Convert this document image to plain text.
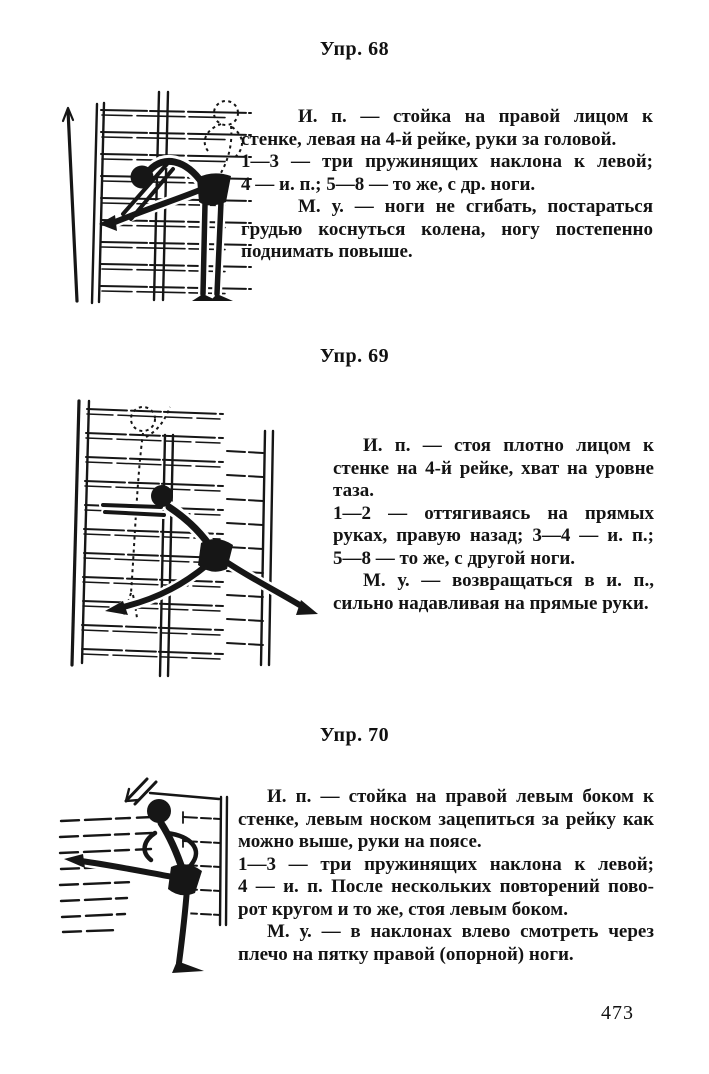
Упр. 68
И. п. — стойка на правой лицом к
стенке, левая на 4-й рейке, руки за головой.
1—3 — три пружинящих наклона к левой;
4 — и. п.; 5—8 — то же, с др. ноги.
М. у. — ноги не сгибать, постараться
грудью коснуться колена, ногу постепенно
поднимать повыше.
Упр. 69
И. п. — стоя плотно лицом к
стенке на 4-й рейке, хват на уровне
таза.
1—2 — оттягиваясь на прямых
руках, правую назад; 3—4 — и. п.;
5—8 — то же, с другой ноги.
М. у. — возвращаться в и. п.,
сильно надавливая на прямые руки.
Упр. 70
И. п. — стойка на правой левым боком к
стенке, левым носком зацепиться за рейку как
можно выше, руки на поясе.
1—3 — три пружинящих наклона к левой;
4 — и. п. После нескольких повторений пово-
рот кругом и то же, стоя левым боком.
М. у. — в наклонах влево смотреть через
плечо на пятку правой (опорной) ноги.
473
